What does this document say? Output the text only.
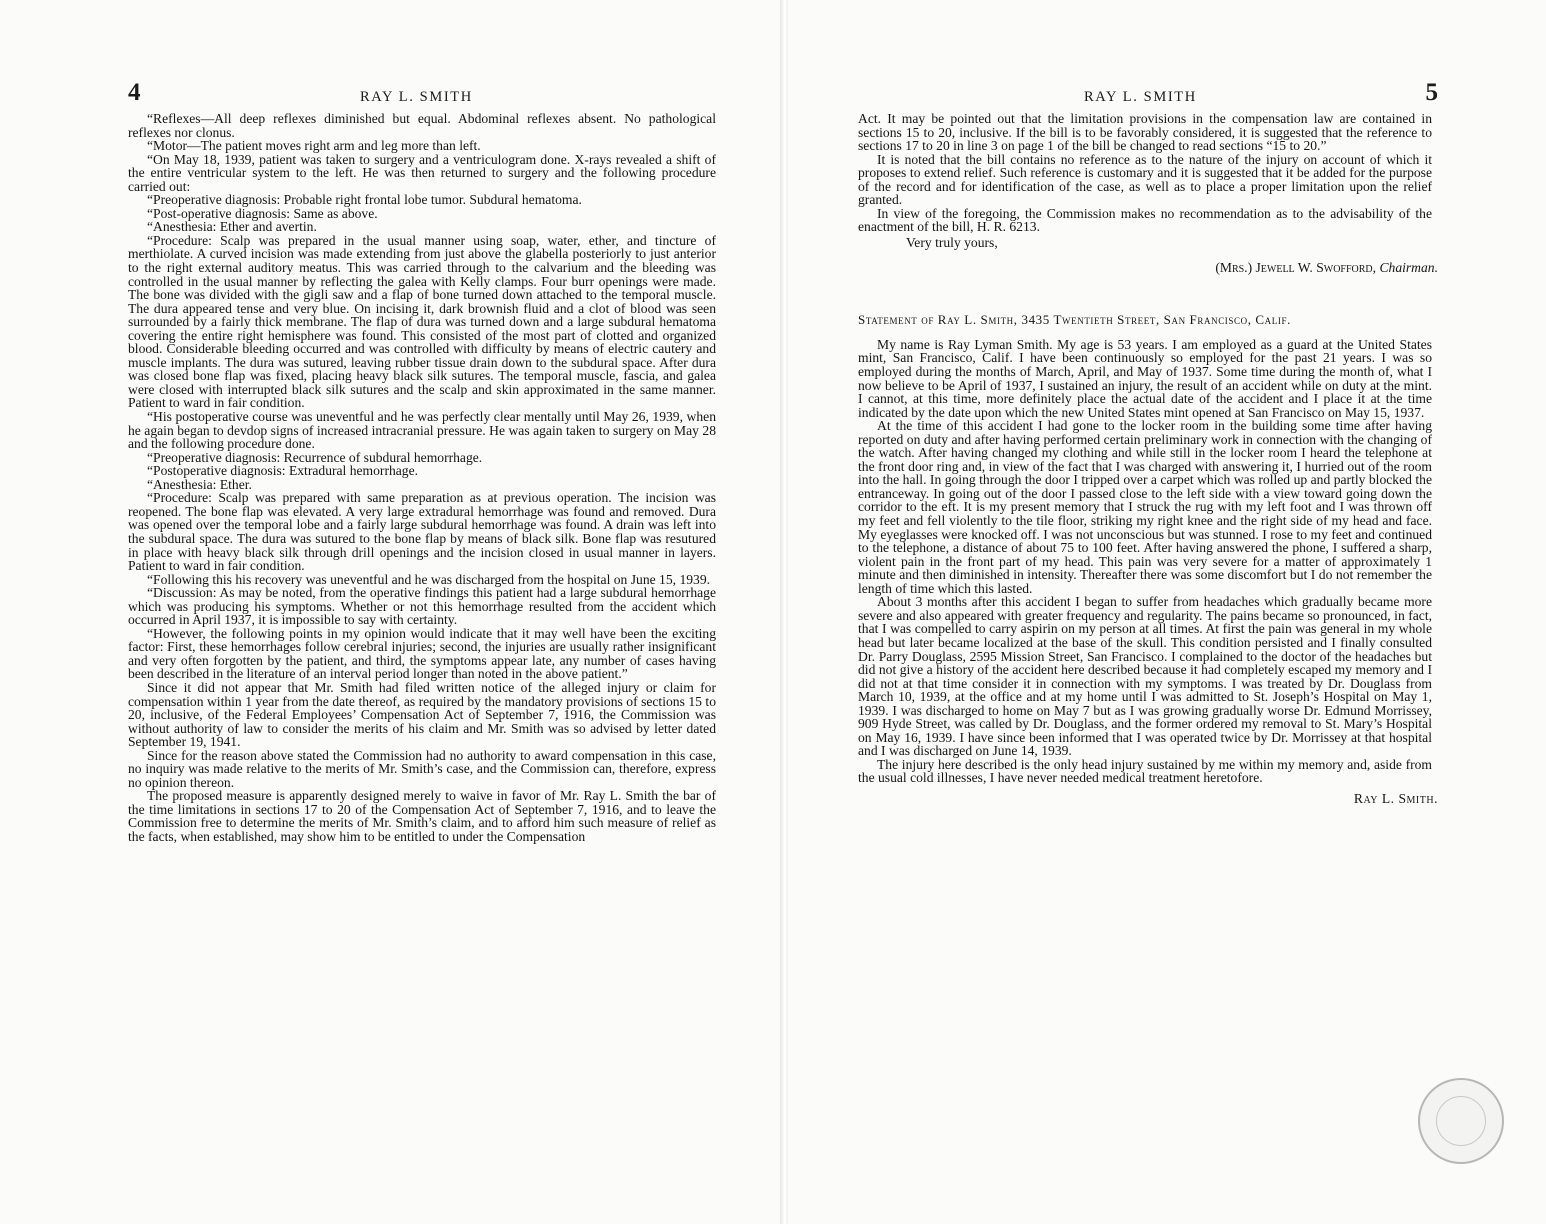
4	RAY L. SMITH

“Reflexes—All deep reflexes diminished but equal. Abdominal reflexes absent. No pathological reflexes nor clonus.

“Motor—The patient moves right arm and leg more than left.

“On May 18, 1939, patient was taken to surgery and a ventriculogram done. X-rays revealed a shift of the entire ventricular system to the left. He was then returned to surgery and the following procedure carried out:

“Preoperative diagnosis: Probable right frontal lobe tumor. Subdural hematoma.

“Post-operative diagnosis: Same as above.

“Anesthesia: Ether and avertin.

“Procedure: Scalp was prepared in the usual manner using soap, water, ether, and tincture of merthiolate. A curved incision was made extending from just above the glabella posteriorly to just anterior to the right external auditory meatus. This was carried through to the calvarium and the bleeding was controlled in the usual manner by reflecting the galea with Kelly clamps. Four burr openings were made. The bone was divided with the gigli saw and a flap of bone turned down attached to the temporal muscle. The dura appeared tense and very blue. On incising it, dark brownish fluid and a clot of blood was seen surrounded by a fairly thick membrane. The flap of dura was turned down and a large subdural hematoma covering the entire right hemisphere was found. This consisted of the most part of clotted and organized blood. Considerable bleeding occurred and was controlled with difficulty by means of electric cautery and muscle implants. The dura was sutured, leaving rubber tissue drain down to the subdural space. After dura was closed bone flap was fixed, placing heavy black silk sutures. The temporal muscle, fascia, and galea were closed with interrupted black silk sutures and the scalp and skin approximated in the same manner. Patient to ward in fair condition.

“His postoperative course was uneventful and he was perfectly clear mentally until May 26, 1939, when he again began to devdop signs of increased intracranial pressure. He was again taken to surgery on May 28 and the following procedure done.

“Preoperative diagnosis: Recurrence of subdural hemorrhage.

“Postoperative diagnosis: Extradural hemorrhage.

“Anesthesia: Ether.

“Procedure: Scalp was prepared with same preparation as at previous operation. The incision was reopened. The bone flap was elevated. A very large extradural hemorrhage was found and removed. Dura was opened over the temporal lobe and a fairly large subdural hemorrhage was found. A drain was left into the subdural space. The dura was sutured to the bone flap by means of black silk. Bone flap was resutured in place with heavy black silk through drill openings and the incision closed in usual manner in layers. Patient to ward in fair condition.

“Following this his recovery was uneventful and he was discharged from the hospital on June 15, 1939.

“Discussion: As may be noted, from the operative findings this patient had a large subdural hemorrhage which was producing his symptoms. Whether or not this hemorrhage resulted from the accident which occurred in April 1937, it is impossible to say with certainty.

“However, the following points in my opinion would indicate that it may well have been the exciting factor: First, these hemorrhages follow cerebral injuries; second, the injuries are usually rather insignificant and very often forgotten by the patient, and third, the symptoms appear late, any number of cases having been described in the literature of an interval period longer than noted in the above patient.”

Since it did not appear that Mr. Smith had filed written notice of the alleged injury or claim for compensation within 1 year from the date thereof, as required by the mandatory provisions of sections 15 to 20, inclusive, of the Federal Employees’ Compensation Act of September 7, 1916, the Commission was without authority of law to consider the merits of his claim and Mr. Smith was so advised by letter dated September 19, 1941.

Since for the reason above stated the Commission had no authority to award compensation in this case, no inquiry was made relative to the merits of Mr. Smith’s case, and the Commission can, therefore, express no opinion thereon.

The proposed measure is apparently designed merely to waive in favor of Mr. Ray L. Smith the bar of the time limitations in sections 17 to 20 of the Compensation Act of September 7, 1916, and to leave the Commission free to determine the merits of Mr. Smith’s claim, and to afford him such measure of relief as the facts, when established, may show him to be entitled to under the Compensation

RAY L. SMITH	5

Act. It may be pointed out that the limitation provisions in the compensation law are contained in sections 15 to 20, inclusive. If the bill is to be favorably considered, it is suggested that the reference to sections 17 to 20 in line 3 on page 1 of the bill be changed to read sections “15 to 20.”

It is noted that the bill contains no reference as to the nature of the injury on account of which it proposes to extend relief. Such reference is customary and it is suggested that it be added for the purpose of the record and for identification of the case, as well as to place a proper limitation upon the relief granted.

In view of the foregoing, the Commission makes no recommendation as to the advisability of the enactment of the bill, H. R. 6213.

Very truly yours,

(Mrs.) Jewell W. Swofford, Chairman.

Statement of Ray L. Smith, 3435 Twentieth Street, San Francisco, Calif.

My name is Ray Lyman Smith. My age is 53 years. I am employed as a guard at the United States mint, San Francisco, Calif. I have been continuously so employed for the past 21 years. I was so employed during the months of March, April, and May of 1937. Some time during the month of, what I now believe to be April of 1937, I sustained an injury, the result of an accident while on duty at the mint. I cannot, at this time, more definitely place the actual date of the accident and I place it at the time indicated by the date upon which the new United States mint opened at San Francisco on May 15, 1937.

At the time of this accident I had gone to the locker room in the building some time after having reported on duty and after having performed certain preliminary work in connection with the changing of the watch. After having changed my clothing and while still in the locker room I heard the telephone at the front door ring and, in view of the fact that I was charged with answering it, I hurried out of the room into the hall. In going through the door I tripped over a carpet which was rolled up and partly blocked the entranceway. In going out of the door I passed close to the left side with a view toward going down the corridor to the eft. It is my present memory that I struck the rug with my left foot and I was thrown off my feet and fell violently to the tile floor, striking my right knee and the right side of my head and face. My eyeglasses were knocked off. I was not unconscious but was stunned. I rose to my feet and continued to the telephone, a distance of about 75 to 100 feet. After having answered the phone, I suffered a sharp, violent pain in the front part of my head. This pain was very severe for a matter of approximately 1 minute and then diminished in intensity. Thereafter there was some discomfort but I do not remember the length of time which this lasted.

About 3 months after this accident I began to suffer from headaches which gradually became more severe and also appeared with greater frequency and regularity. The pains became so pronounced, in fact, that I was compelled to carry aspirin on my person at all times. At first the pain was general in my whole head but later became localized at the base of the skull. This condition persisted and I finally consulted Dr. Parry Douglass, 2595 Mission Street, San Francisco. I complained to the doctor of the headaches but did not give a history of the accident here described because it had completely escaped my memory and I did not at that time consider it in connection with my symptoms. I was treated by Dr. Douglass from March 10, 1939, at the office and at my home until I was admitted to St. Joseph’s Hospital on May 1, 1939. I was discharged to home on May 7 but as I was growing gradually worse Dr. Edmund Morrissey, 909 Hyde Street, was called by Dr. Douglass, and the former ordered my removal to St. Mary’s Hospital on May 16, 1939. I have since been informed that I was operated twice by Dr. Morrissey at that hospital and I was discharged on June 14, 1939.

The injury here described is the only head injury sustained by me within my memory and, aside from the usual cold illnesses, I have never needed medical treatment heretofore.

Ray L. Smith.
